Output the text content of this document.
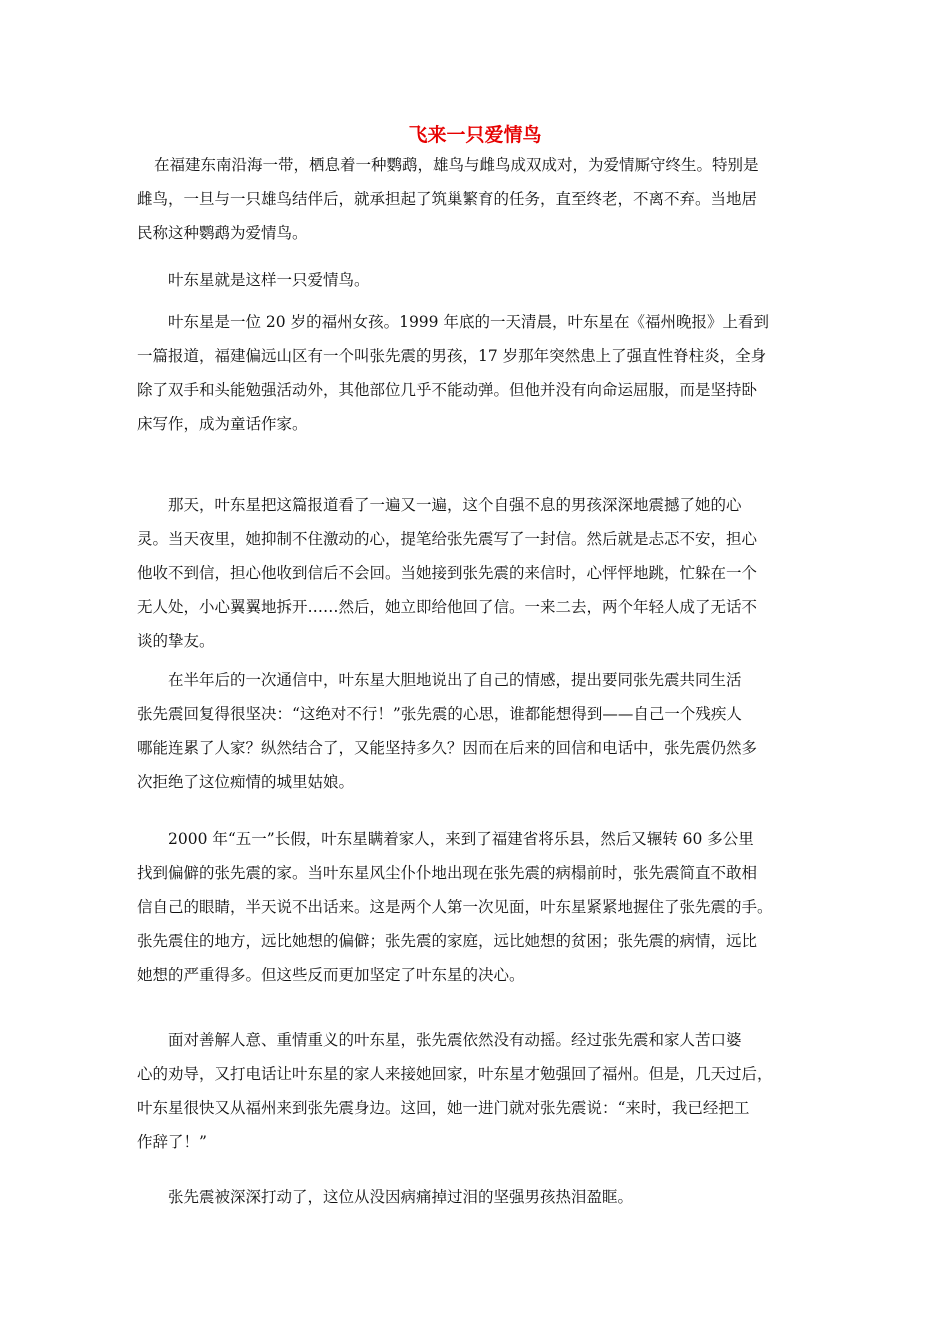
飞来一只爱情鸟

在福建东南沿海一带，栖息着一种鹦鹉，雄鸟与雌鸟成双成对，为爱情厮守终生。特别是
雌鸟，一旦与一只雄鸟结伴后，就承担起了筑巢繁育的任务，直至终老，不离不弃。当地居
民称这种鹦鹉为爱情鸟。

叶东星就是这样一只爱情鸟。

叶东星是一位 20 岁的福州女孩。1999 年底的一天清晨，叶东星在《福州晚报》上看到
一篇报道，福建偏远山区有一个叫张先震的男孩，17 岁那年突然患上了强直性脊柱炎，全身
除了双手和头能勉强活动外，其他部位几乎不能动弹。但他并没有向命运屈服，而是坚持卧
床写作，成为童话作家。

那天，叶东星把这篇报道看了一遍又一遍，这个自强不息的男孩深深地震撼了她的心
灵。当天夜里，她抑制不住激动的心，提笔给张先震写了一封信。然后就是忐忑不安，担心
他收不到信，担心他收到信后不会回。当她接到张先震的来信时，心怦怦地跳，忙躲在一个
无人处，小心翼翼地拆开……然后，她立即给他回了信。一来二去，两个年轻人成了无话不
谈的挚友。

在半年后的一次通信中，叶东星大胆地说出了自己的情感，提出要同张先震共同生活
张先震回复得很坚决：“这绝对不行！”张先震的心思，谁都能想得到——自己一个残疾人
哪能连累了人家？纵然结合了，又能坚持多久？因而在后来的回信和电话中，张先震仍然多
次拒绝了这位痴情的城里姑娘。

2000 年“五一”长假，叶东星瞒着家人，来到了福建省将乐县，然后又辗转 60 多公里
找到偏僻的张先震的家。当叶东星风尘仆仆地出现在张先震的病榻前时，张先震简直不敢相
信自己的眼睛，半天说不出话来。这是两个人第一次见面，叶东星紧紧地握住了张先震的手。
张先震住的地方，远比她想的偏僻；张先震的家庭，远比她想的贫困；张先震的病情，远比
她想的严重得多。但这些反而更加坚定了叶东星的决心。

面对善解人意、重情重义的叶东星，张先震依然没有动摇。经过张先震和家人苦口婆
心的劝导，又打电话让叶东星的家人来接她回家，叶东星才勉强回了福州。但是，几天过后，
叶东星很快又从福州来到张先震身边。这回，她一进门就对张先震说：“来时，我已经把工
作辞了！”

张先震被深深打动了，这位从没因病痛掉过泪的坚强男孩热泪盈眶。
